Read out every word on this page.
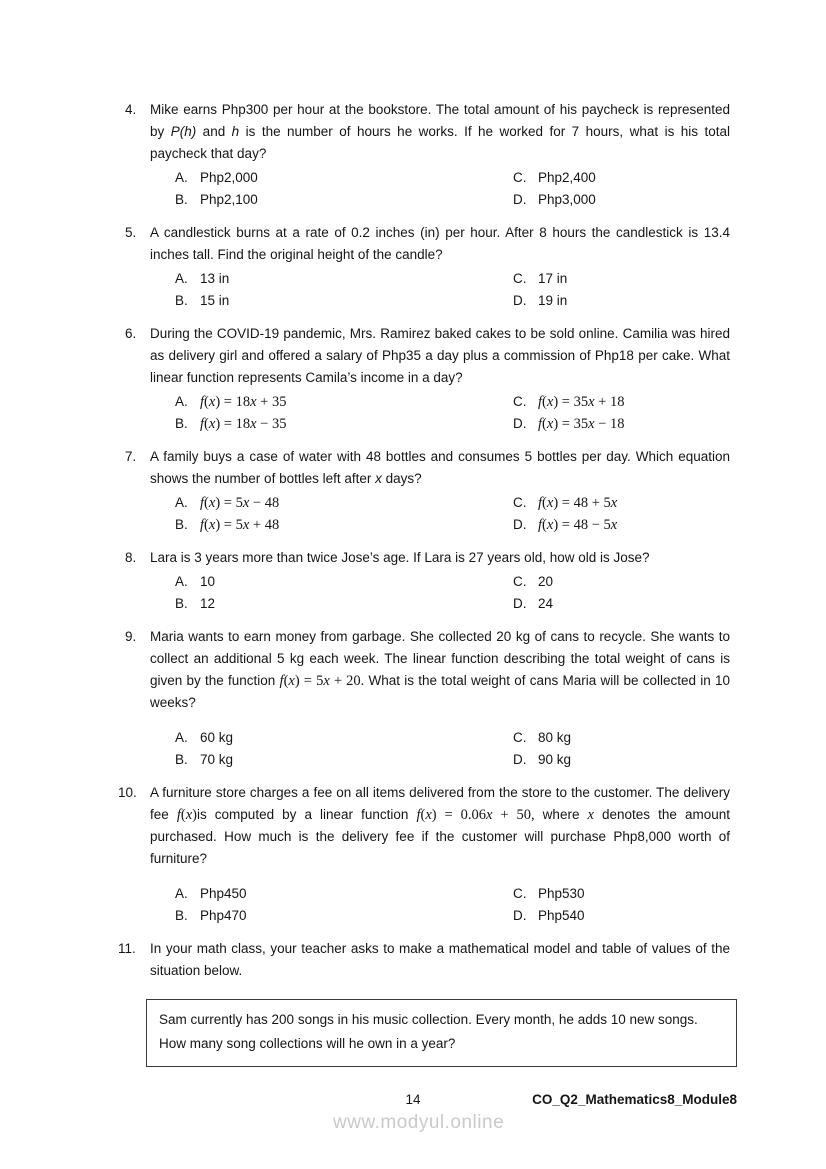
4.	Mike earns Php300 per hour at the bookstore. The total amount of his paycheck is represented by P(h) and h is the number of hours he works. If he worked for 7 hours, what is his total paycheck that day?
A. Php2,000	C. Php2,400
B. Php2,100	D. Php3,000
5.	A candlestick burns at a rate of 0.2 inches (in) per hour. After 8 hours the candlestick is 13.4 inches tall. Find the original height of the candle?
A. 13 in	C. 17 in
B. 15 in	D. 19 in
6.	During the COVID-19 pandemic, Mrs. Ramirez baked cakes to be sold online. Camilia was hired as delivery girl and offered a salary of Php35 a day plus a commission of Php18 per cake. What linear function represents Camila’s income in a day?
A. f(x) = 18x + 35	C. f(x) = 35x + 18
B. f(x) = 18x − 35	D. f(x) = 35x − 18
7.	A family buys a case of water with 48 bottles and consumes 5 bottles per day. Which equation shows the number of bottles left after x days?
A. f(x) = 5x − 48	C. f(x) = 48 + 5x
B. f(x) = 5x + 48	D. f(x) = 48 − 5x
8.	Lara is 3 years more than twice Jose’s age. If Lara is 27 years old, how old is Jose?
A. 10	C. 20
B. 12	D. 24
9.	Maria wants to earn money from garbage. She collected 20 kg of cans to recycle. She wants to collect an additional 5 kg each week. The linear function describing the total weight of cans is given by the function f(x) = 5x + 20. What is the total weight of cans Maria will be collected in 10 weeks?
A. 60 kg	C. 80 kg
B. 70 kg	D. 90 kg
10. A furniture store charges a fee on all items delivered from the store to the customer. The delivery fee f(x)is computed by a linear function f(x) = 0.06x + 50, where x denotes the amount purchased. How much is the delivery fee if the customer will purchase Php8,000 worth of furniture?
A. Php450	C. Php530
B. Php470	D. Php540
11.	In your math class, your teacher asks to make a mathematical model and table of values of the situation below.
Sam currently has 200 songs in his music collection. Every month, he adds 10 new songs. How many song collections will he own in a year?
14	CO_Q2_Mathematics8_Module8
www.modyul.online
